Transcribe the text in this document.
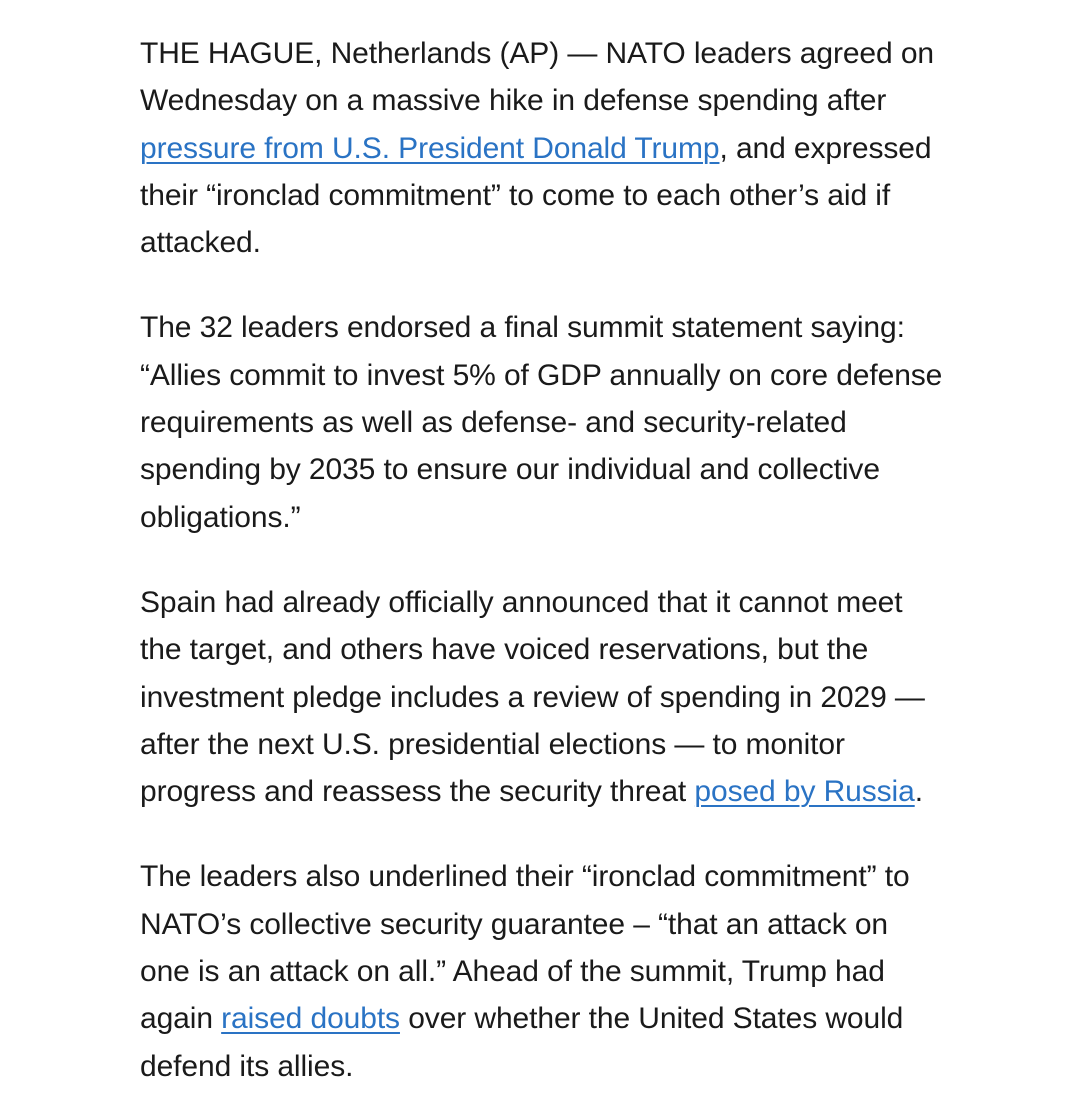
THE HAGUE, Netherlands (AP) — NATO leaders agreed on
Wednesday on a massive hike in defense spending after
pressure from U.S. President Donald Trump, and expressed
their “ironclad commitment” to come to each other’s aid if
attacked.

The 32 leaders endorsed a final summit statement saying:
“Allies commit to invest 5% of GDP annually on core defense
requirements as well as defense- and security-related
spending by 2035 to ensure our individual and collective
obligations.”

Spain had already officially announced that it cannot meet
the target, and others have voiced reservations, but the
investment pledge includes a review of spending in 2029 —
after the next U.S. presidential elections — to monitor
progress and reassess the security threat posed by Russia.

The leaders also underlined their “ironclad commitment” to
NATO’s collective security guarantee – “that an attack on
one is an attack on all.” Ahead of the summit, Trump had
again raised doubts over whether the United States would
defend its allies.
